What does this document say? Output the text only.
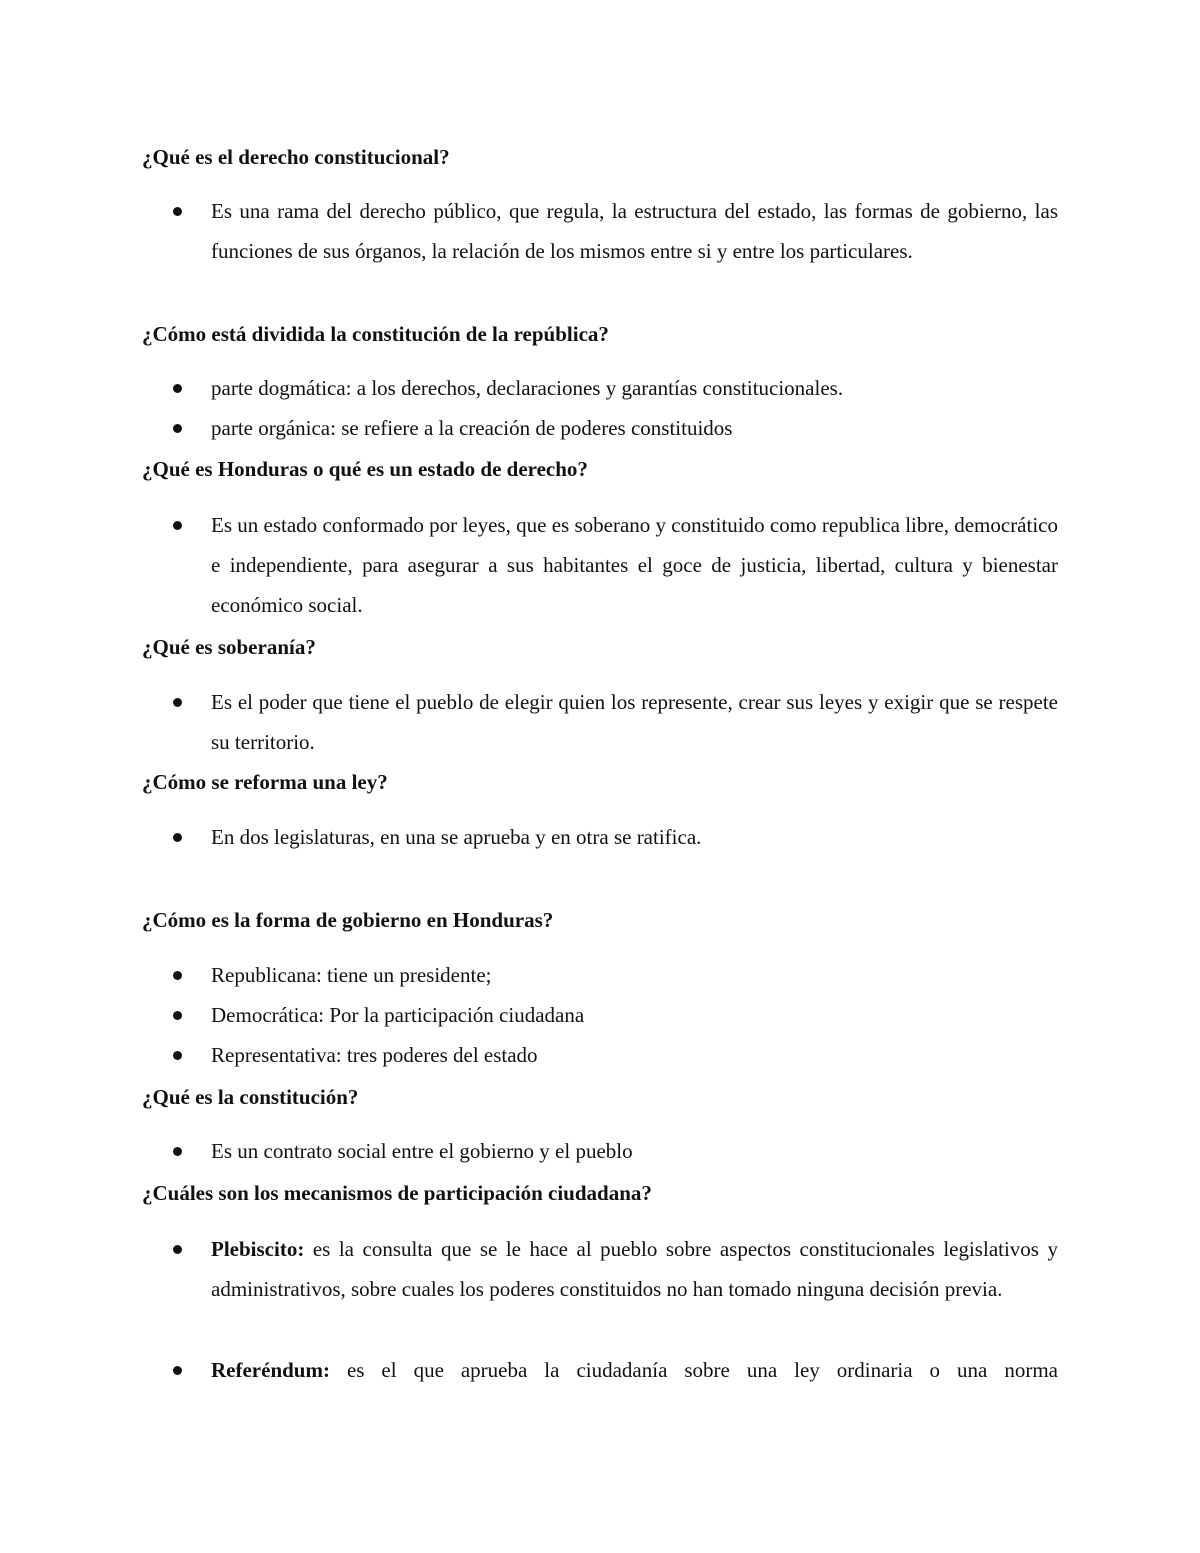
¿Qué es el derecho constitucional?
Es una rama del derecho público, que regula, la estructura del estado, las formas de gobierno, las funciones de sus órganos, la relación de los mismos entre si y entre los particulares.
¿Cómo está dividida la constitución de la república?
parte dogmática: a los derechos, declaraciones y garantías constitucionales.
parte orgánica: se refiere a la creación de poderes constituidos
¿Qué es Honduras o qué es un estado de derecho?
Es un estado conformado por leyes, que es soberano y constituido como republica libre, democrático e independiente, para asegurar a sus habitantes el goce de justicia, libertad, cultura y bienestar económico social.
¿Qué es soberanía?
Es el poder que tiene el pueblo de elegir quien los represente, crear sus leyes y exigir que se respete su territorio.
¿Cómo se reforma una ley?
En dos legislaturas, en una se aprueba y en otra se ratifica.
¿Cómo es la forma de gobierno en Honduras?
Republicana: tiene un presidente;
Democrática: Por la participación ciudadana
Representativa: tres poderes del estado
¿Qué es la constitución?
Es un contrato social entre el gobierno y el pueblo
¿Cuáles son los mecanismos de participación ciudadana?
Plebiscito: es la consulta que se le hace al pueblo sobre aspectos constitucionales legislativos y administrativos, sobre cuales los poderes constituidos no han tomado ninguna decisión previa.
Referéndum: es el que aprueba la ciudadanía sobre una ley ordinaria o una norma
